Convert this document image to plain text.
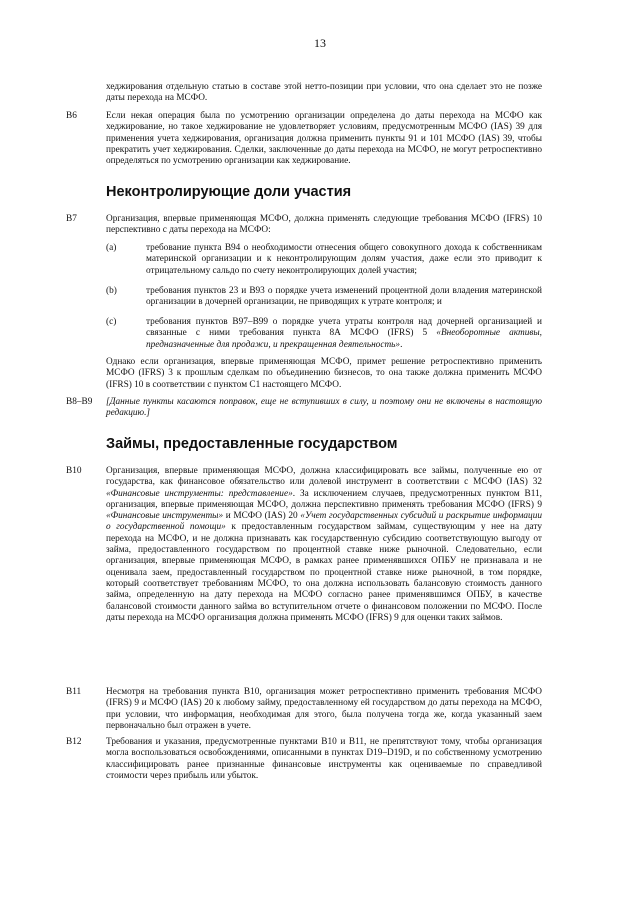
13
хеджирования отдельную статью в составе этой нетто-позиции при условии, что она сделает это не позже даты перехода на МСФО.
B6	Если некая операция была по усмотрению организации определена до даты перехода на МСФО как хеджирование, но такое хеджирование не удовлетворяет условиям, предусмотренным МСФО (IAS) 39 для применения учета хеджирования, организация должна применить пункты 91 и 101 МСФО (IAS) 39, чтобы прекратить учет хеджирования. Сделки, заключенные до даты перехода на МСФО, не могут ретроспективно определяться по усмотрению организации как хеджирование.
Неконтролирующие доли участия
B7	Организация, впервые применяющая МСФО, должна применять следующие требования МСФО (IFRS) 10 перспективно с даты перехода на МСФО:
(a)	требование пункта B94 о необходимости отнесения общего совокупного дохода к собственникам материнской организации и к неконтролирующим долям участия, даже если это приводит к отрицательному сальдо по счету неконтролирующих долей участия;
(b)	требования пунктов 23 и B93 о порядке учета изменений процентной доли владения материнской организации в дочерней организации, не приводящих к утрате контроля; и
(c)	требования пунктов B97–B99 о порядке учета утраты контроля над дочерней организацией и связанные с ними требования пункта 8А МСФО (IFRS) 5 «Внеоборотные активы, предназначенные для продажи, и прекращенная деятельность».
Однако если организация, впервые применяющая МСФО, примет решение ретроспективно применить МСФО (IFRS) 3 к прошлым сделкам по объединению бизнесов, то она также должна применить МСФО (IFRS) 10 в соответствии с пунктом C1 настоящего МСФО.
B8–B9 [Данные пункты касаются поправок, еще не вступивших в силу, и поэтому они не включены в настоящую редакцию.]
Займы, предоставленные государством
B10	Организация, впервые применяющая МСФО, должна классифицировать все займы, полученные ею от государства, как финансовое обязательство или долевой инструмент в соответствии с МСФО (IAS) 32 «Финансовые инструменты: представление». За исключением случаев, предусмотренных пунктом B11, организация, впервые применяющая МСФО, должна перспективно применять требования МСФО (IFRS) 9 «Финансовые инструменты» и МСФО (IAS) 20 «Учет государственных субсидий и раскрытие информации о государственной помощи» к предоставленным государством займам, существующим у нее на дату перехода на МСФО, и не должна признавать как государственную субсидию соответствующую выгоду от займа, предоставленного государством по процентной ставке ниже рыночной. Следовательно, если организация, впервые применяющая МСФО, в рамках ранее применявшихся ОПБУ не признавала и не оценивала заем, предоставленный государством по процентной ставке ниже рыночной, в том порядке, который соответствует требованиям МСФО, то она должна использовать балансовую стоимость данного займа, определенную на дату перехода на МСФО согласно ранее применявшимся ОПБУ, в качестве балансовой стоимости данного займа во вступительном отчете о финансовом положении по МСФО. После даты перехода на МСФО организация должна применять МСФО (IFRS) 9 для оценки таких займов.
B11	Несмотря на требования пункта B10, организация может ретроспективно применить требования МСФО (IFRS) 9 и МСФО (IAS) 20 к любому займу, предоставленному ей государством до даты перехода на МСФО, при условии, что информация, необходимая для этого, была получена тогда же, когда указанный заем первоначально был отражен в учете.
B12	Требования и указания, предусмотренные пунктами B10 и B11, не препятствуют тому, чтобы организация могла воспользоваться освобождениями, описанными в пунктах D19–D19D, и по собственному усмотрению классифицировать ранее признанные финансовые инструменты как оцениваемые по справедливой стоимости через прибыль или убыток.
